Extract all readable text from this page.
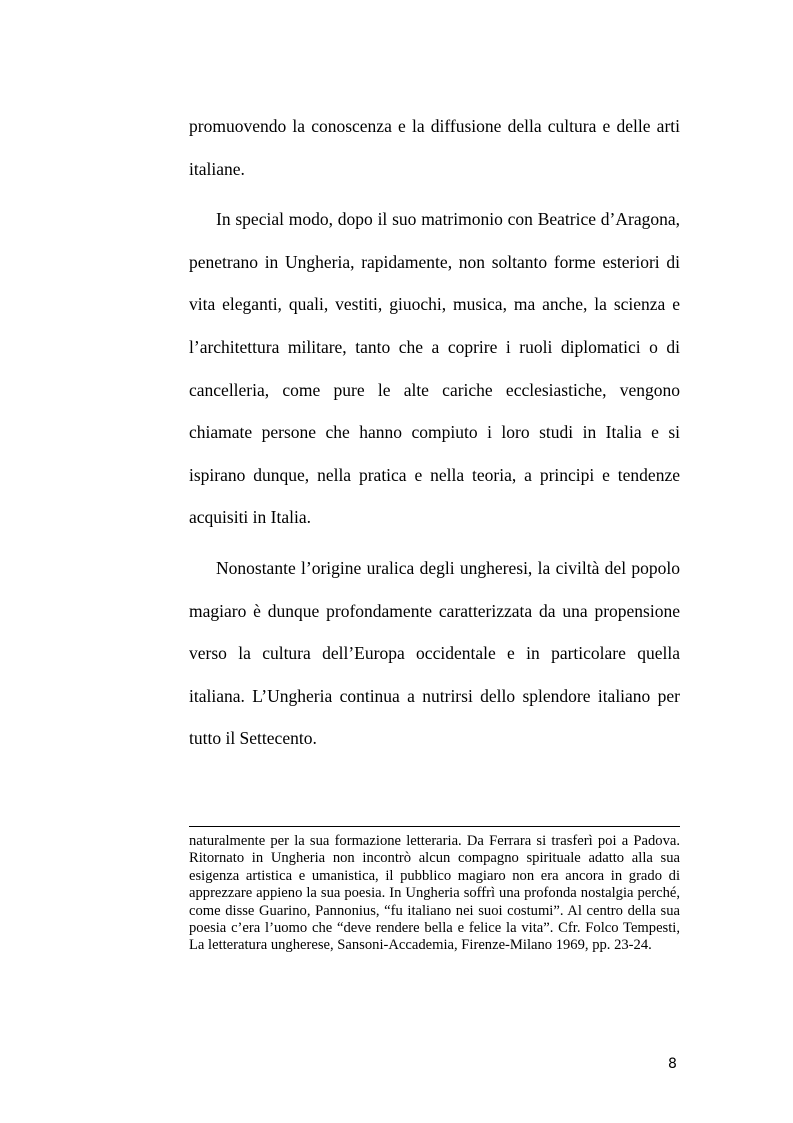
promuovendo la conoscenza e la diffusione della cultura e delle arti italiane.

In special modo, dopo il suo matrimonio con Beatrice d’Aragona, penetrano in Ungheria, rapidamente, non soltanto forme esteriori di vita eleganti, quali, vestiti, giuochi, musica, ma anche, la scienza e l’architettura militare, tanto che a coprire i ruoli diplomatici o di cancelleria, come pure le alte cariche ecclesiastiche, vengono chiamate persone che hanno compiuto i loro studi in Italia e si ispirano dunque, nella pratica e nella teoria, a principi e tendenze acquisiti in Italia.

Nonostante l’origine uralica degli ungheresi, la civiltà del popolo magiaro è dunque profondamente caratterizzata da una propensione verso la cultura dell’Europa occidentale e in particolare quella italiana. L’Ungheria continua a nutrirsi dello splendore italiano per tutto il Settecento.

naturalmente per la sua formazione letteraria. Da Ferrara si trasferì poi a Padova. Ritornato in Ungheria non incontrò alcun compagno spirituale adatto alla sua esigenza artistica e umanistica, il pubblico magiaro non era ancora in grado di apprezzare appieno la sua poesia. In Ungheria soffrì una profonda nostalgia perché, come disse Guarino, Pannonius, “fu italiano nei suoi costumi”. Al centro della sua poesia c’era l’uomo che “deve rendere bella e felice la vita”. Cfr. Folco Tempesti, La letteratura ungherese, Sansoni-Accademia, Firenze-Milano 1969, pp. 23-24.

8
